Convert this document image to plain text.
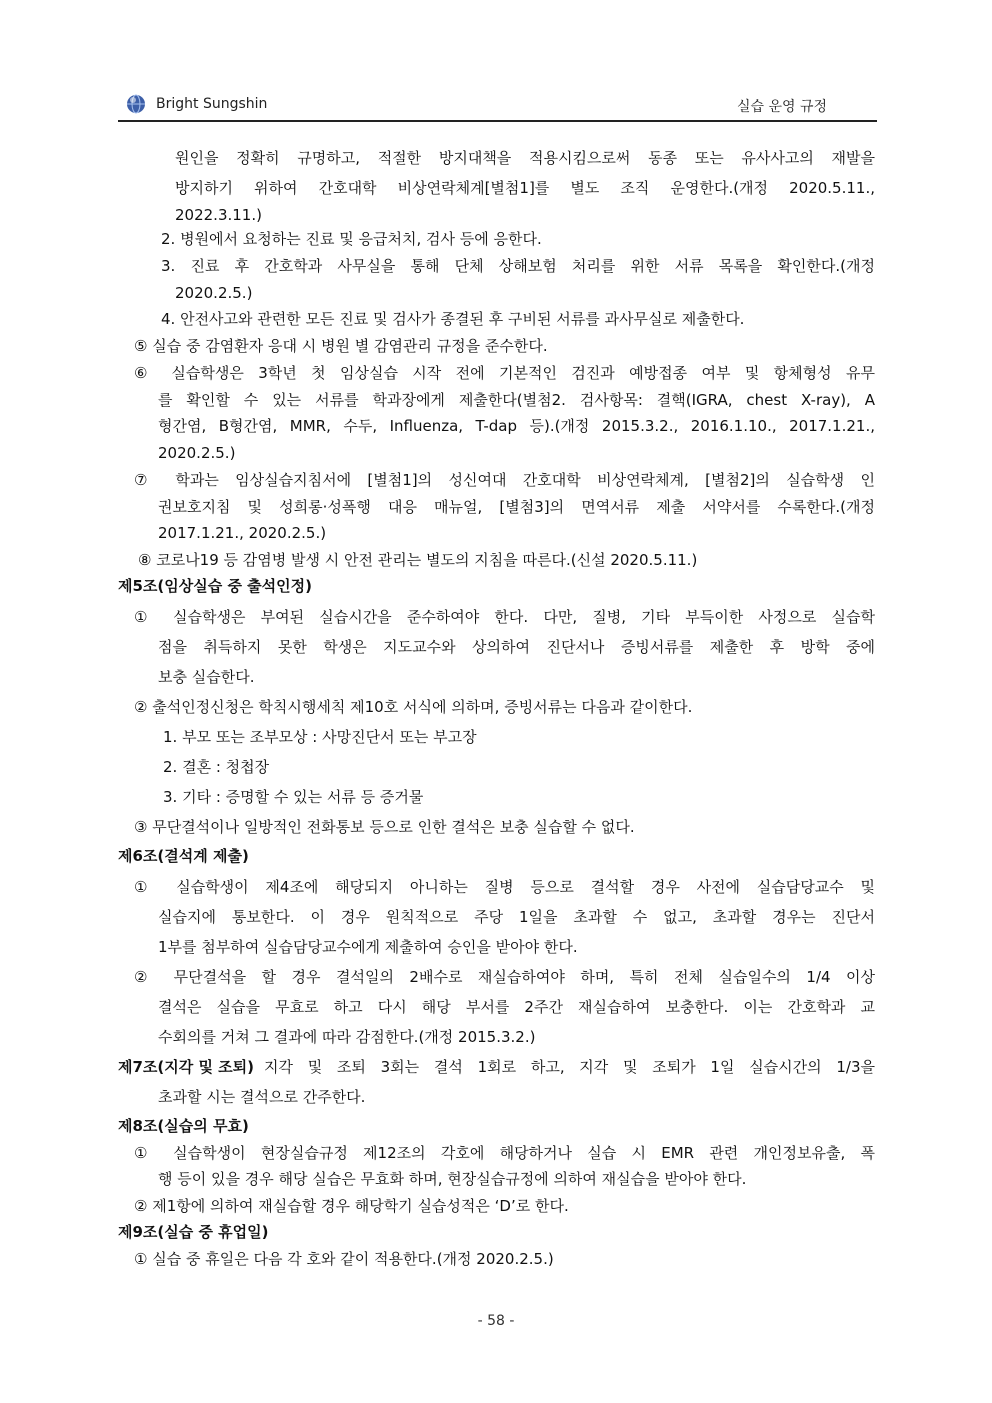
Bright Sungshin	실습 운영 규정
원인을 정확히 규명하고, 적절한 방지대책을 적용시킴으로써 동종 또는 유사사고의 재발을
방지하기 위하여 간호대학 비상연락체계[별첨1]를 별도 조직 운영한다.(개정 2020.5.11.,
2022.3.11.)
2. 병원에서 요청하는 진료 및 응급처치, 검사 등에 응한다.
3. 진료 후 간호학과 사무실을 통해 단체 상해보험 처리를 위한 서류 목록을 확인한다.(개정
2020.2.5.)
4. 안전사고와 관련한 모든 진료 및 검사가 종결된 후 구비된 서류를 과사무실로 제출한다.
⑤ 실습 중 감염환자 응대 시 병원 별 감염관리 규정을 준수한다.
⑥ 실습학생은 3학년 첫 임상실습 시작 전에 기본적인 검진과 예방접종 여부 및 항체형성 유무
를 확인할 수 있는 서류를 학과장에게 제출한다(별첨2. 검사항목: 결핵(IGRA, chest X-ray), A
형간염, B형간염, MMR, 수두, Influenza, T-dap 등).(개정 2015.3.2., 2016.1.10., 2017.1.21.,
2020.2.5.)
⑦ 학과는 임상실습지침서에 [별첨1]의 성신여대 간호대학 비상연락체계, [별첨2]의 실습학생 인
권보호지침 및 성희롱·성폭행 대응 매뉴얼, [별첨3]의 면역서류 제출 서약서를 수록한다.(개정
2017.1.21., 2020.2.5.)
⑧ 코로나19 등 감염병 발생 시 안전 관리는 별도의 지침을 따른다.(신설 2020.5.11.)
제5조(임상실습 중 출석인정)
① 실습학생은 부여된 실습시간을 준수하여야 한다. 다만, 질병, 기타 부득이한 사정으로 실습학
점을 취득하지 못한 학생은 지도교수와 상의하여 진단서나 증빙서류를 제출한 후 방학 중에
보충 실습한다.
② 출석인정신청은 학칙시행세칙 제10호 서식에 의하며, 증빙서류는 다음과 같이한다.
1. 부모 또는 조부모상 : 사망진단서 또는 부고장
2. 결혼 : 청첩장
3. 기타 : 증명할 수 있는 서류 등 증거물
③ 무단결석이나 일방적인 전화통보 등으로 인한 결석은 보충 실습할 수 없다.
제6조(결석계 제출)
① 실습학생이 제4조에 해당되지 아니하는 질병 등으로 결석할 경우 사전에 실습담당교수 및
실습지에 통보한다. 이 경우 원칙적으로 주당 1일을 초과할 수 없고, 초과할 경우는 진단서
1부를 첨부하여 실습담당교수에게 제출하여 승인을 받아야 한다.
② 무단결석을 할 경우 결석일의 2배수로 재실습하여야 하며, 특히 전체 실습일수의 1/4 이상
결석은 실습을 무효로 하고 다시 해당 부서를 2주간 재실습하여 보충한다. 이는 간호학과 교
수회의를 거쳐 그 결과에 따라 감점한다.(개정 2015.3.2.)
제7조(지각 및 조퇴) 지각 및 조퇴 3회는 결석 1회로 하고, 지각 및 조퇴가 1일 실습시간의 1/3을
초과할 시는 결석으로 간주한다.
제8조(실습의 무효)
① 실습학생이 현장실습규정 제12조의 각호에 해당하거나 실습 시 EMR 관련 개인정보유출, 폭
행 등이 있을 경우 해당 실습은 무효화 하며, 현장실습규정에 의하여 재실습을 받아야 한다.
② 제1항에 의하여 재실습할 경우 해당학기 실습성적은 ‘D’로 한다.
제9조(실습 중 휴업일)
① 실습 중 휴일은 다음 각 호와 같이 적용한다.(개정 2020.2.5.)
- 58 -
